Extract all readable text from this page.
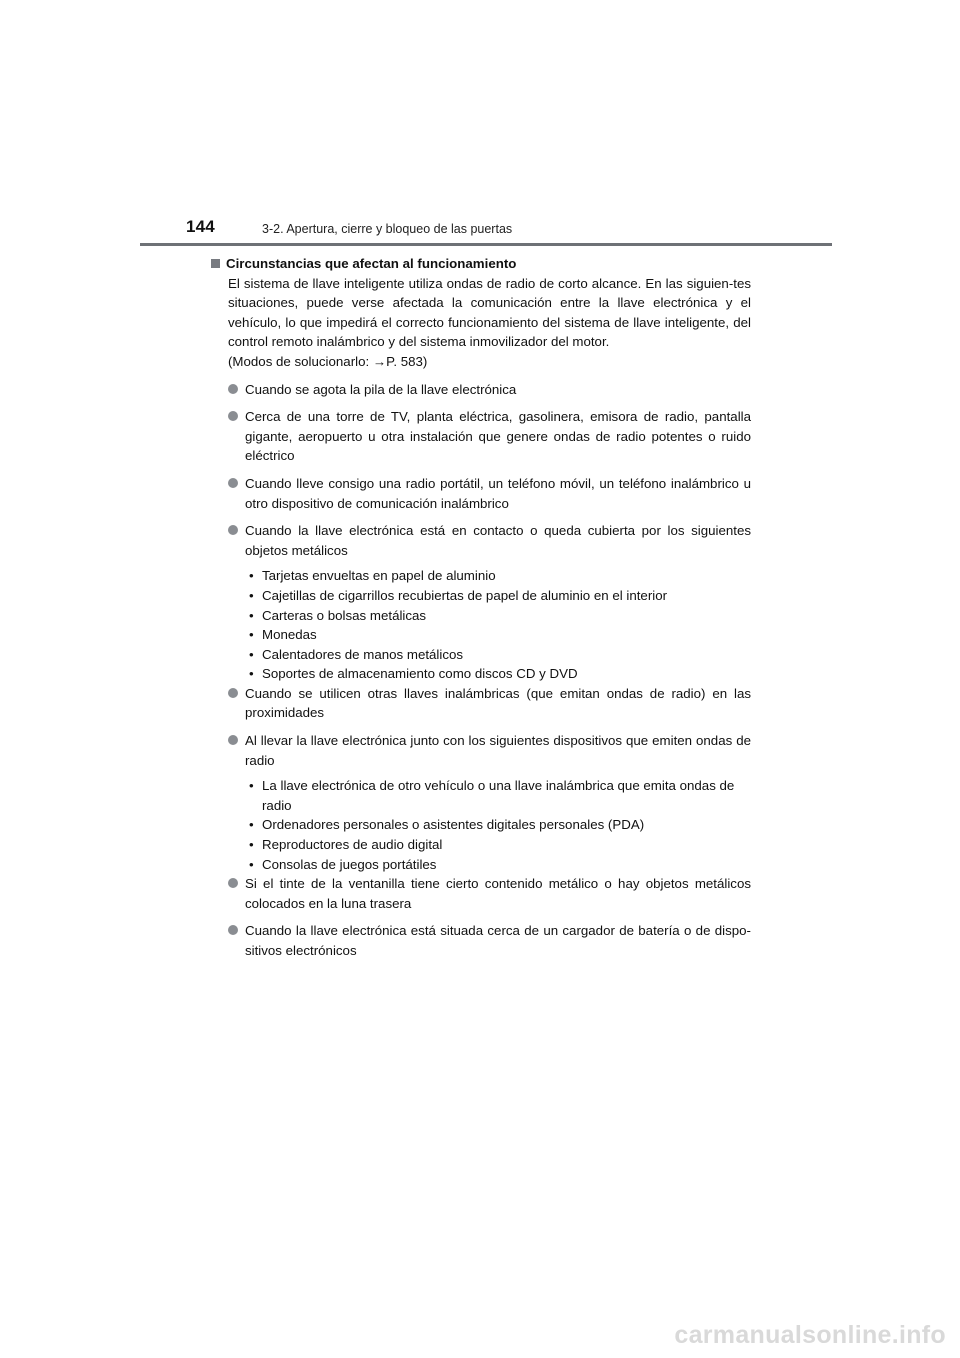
144	3-2. Apertura, cierre y bloqueo de las puertas
Circunstancias que afectan al funcionamiento
El sistema de llave inteligente utiliza ondas de radio de corto alcance. En las siguien-tes situaciones, puede verse afectada la comunicación entre la llave electrónica y el vehículo, lo que impedirá el correcto funcionamiento del sistema de llave inteligente, del control remoto inalámbrico y del sistema inmovilizador del motor.
(Modos de solucionarlo: →P. 583)
Cuando se agota la pila de la llave electrónica
Cerca de una torre de TV, planta eléctrica, gasolinera, emisora de radio, pantalla gigante, aeropuerto u otra instalación que genere ondas de radio potentes o ruido eléctrico
Cuando lleve consigo una radio portátil, un teléfono móvil, un teléfono inalámbrico u otro dispositivo de comunicación inalámbrico
Cuando la llave electrónica está en contacto o queda cubierta por los siguientes objetos metálicos
• Tarjetas envueltas en papel de aluminio
• Cajetillas de cigarrillos recubiertas de papel de aluminio en el interior
• Carteras o bolsas metálicas
• Monedas
• Calentadores de manos metálicos
• Soportes de almacenamiento como discos CD y DVD
Cuando se utilicen otras llaves inalámbricas (que emitan ondas de radio) en las proximidades
Al llevar la llave electrónica junto con los siguientes dispositivos que emiten ondas de radio
• La llave electrónica de otro vehículo o una llave inalámbrica que emita ondas de radio
• Ordenadores personales o asistentes digitales personales (PDA)
• Reproductores de audio digital
• Consolas de juegos portátiles
Si el tinte de la ventanilla tiene cierto contenido metálico o hay objetos metálicos colocados en la luna trasera
Cuando la llave electrónica está situada cerca de un cargador de batería o de dispo-sitivos electrónicos
carmanualsonline.info
